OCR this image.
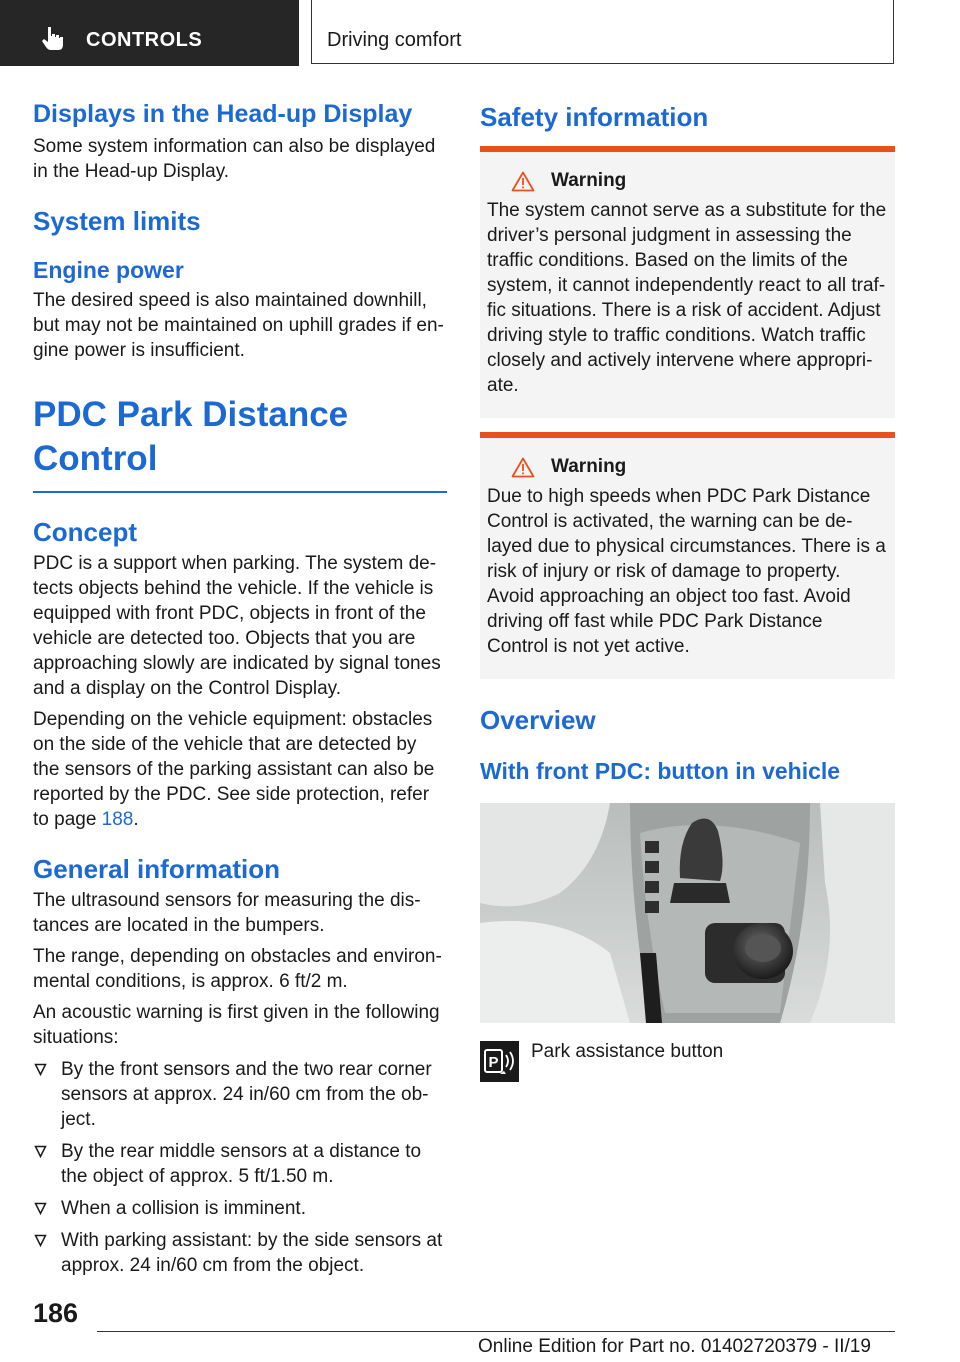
CONTROLS	Driving comfort
Displays in the Head-up Display

Some system information can also be displayed in the Head-up Display.

System limits
Engine power

The desired speed is also maintained downhill, but may not be maintained on uphill grades if en-gine power is insufficient.

PDC Park Distance Control
Concept

PDC is a support when parking. The system de-tects objects behind the vehicle. If the vehicle is equipped with front PDC, objects in front of the vehicle are detected too. Objects that you are approaching slowly are indicated by signal tones and a display on the Control Display.

Depending on the vehicle equipment: obstacles on the side of the vehicle that are detected by the sensors of the parking assistant can also be reported by the PDC. See side protection, refer to page 188.

General information

The ultrasound sensors for measuring the dis-tances are located in the bumpers.

The range, depending on obstacles and environ-mental conditions, is approx. 6 ft/2 m.

An acoustic warning is first given in the following situations:

By the front sensors and the two rear corner sensors at approx. 24 in/60 cm from the ob-ject.
By the rear middle sensors at a distance to the object of approx. 5 ft/1.50 m.
When a collision is imminent.
With parking assistant: by the side sensors at approx. 24 in/60 cm from the object.
Safety information
Warning

The system cannot serve as a substitute for the driver’s personal judgment in assessing the traffic conditions. Based on the limits of the system, it cannot independently react to all traf-fic situations. There is a risk of accident. Adjust driving style to traffic conditions. Watch traffic closely and actively intervene where appropri-ate.

Warning

Due to high speeds when PDC Park Distance Control is activated, the warning can be de-layed due to physical circumstances. There is a risk of injury or risk of damage to property. Avoid approaching an object too fast. Avoid driving off fast while PDC Park Distance Control is not yet active.

Overview
With front PDC: button in vehicle
P
Park assistance button
186
Online Edition for Part no. 01402720379 - II/19
